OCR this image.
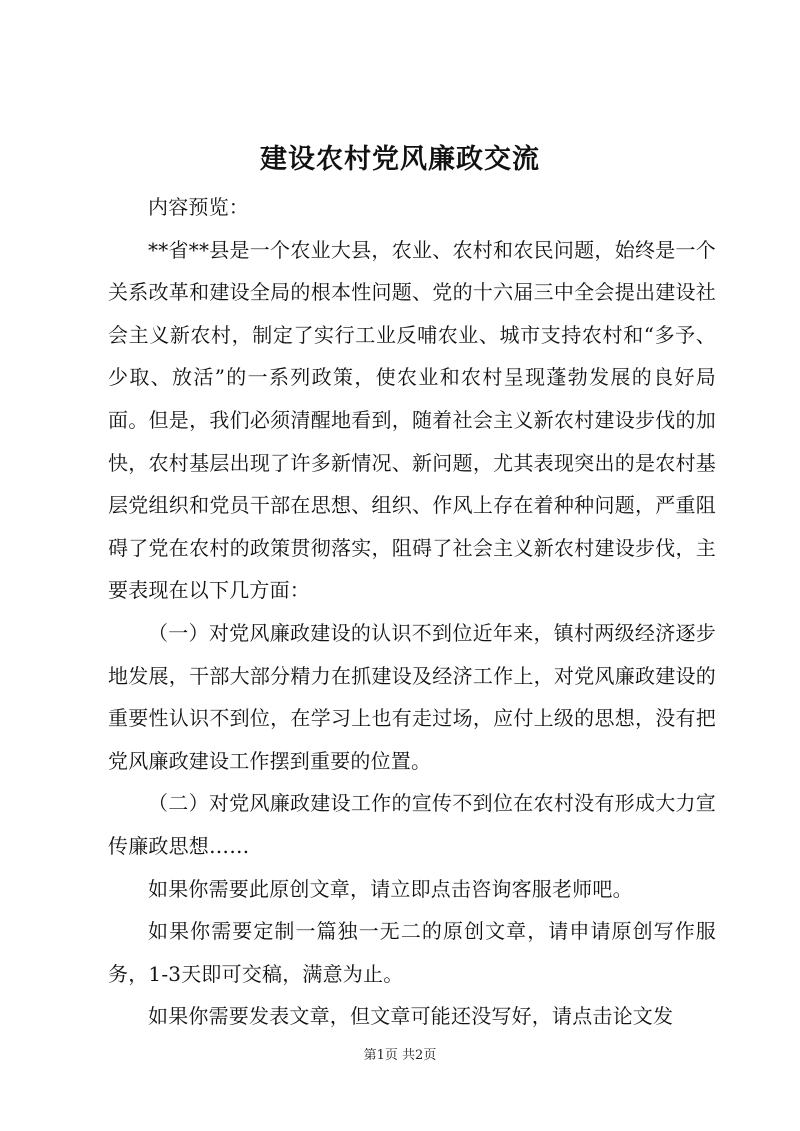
建设农村党风廉政交流

内容预览：

**省**县是一个农业大县，农业、农村和农民问题，始终是一个关系改革和建设全局的根本性问题、党的十六届三中全会提出建设社会主义新农村，制定了实行工业反哺农业、城市支持农村和“多予、少取、放活”的一系列政策，使农业和农村呈现蓬勃发展的良好局面。但是，我们必须清醒地看到，随着社会主义新农村建设步伐的加快，农村基层出现了许多新情况、新问题，尤其表现突出的是农村基层党组织和党员干部在思想、组织、作风上存在着种种问题，严重阻碍了党在农村的政策贯彻落实，阻碍了社会主义新农村建设步伐，主要表现在以下几方面：

（一）对党风廉政建设的认识不到位近年来，镇村两级经济逐步地发展，干部大部分精力在抓建设及经济工作上，对党风廉政建设的重要性认识不到位，在学习上也有走过场，应付上级的思想，没有把党风廉政建设工作摆到重要的位置。

（二）对党风廉政建设工作的宣传不到位在农村没有形成大力宣传廉政思想……

如果你需要此原创文章，请立即点击咨询客服老师吧。

如果你需要定制一篇独一无二的原创文章，请申请原创写作服务，1-3天即可交稿，满意为止。

如果你需要发表文章，但文章可能还没写好，请点击论文发

第1页 共2页
